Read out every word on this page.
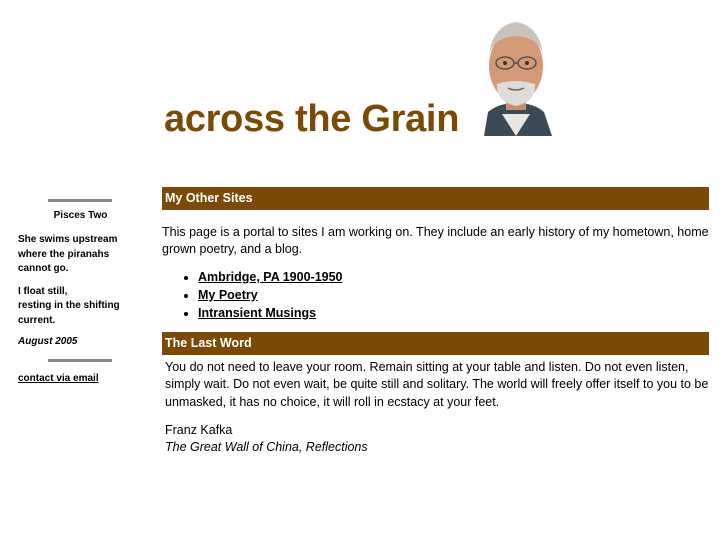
across the Grain
Pisces Two
She swims upstream
where the piranahs
cannot go.
I float still,
resting in the shifting
current.
August 2005
contact via email
My Other Sites

This page is a portal to sites I am working on. They include an early history of my hometown, home grown poetry, and a blog.

• Ambridge, PA 1900-1950
• My Poetry
• Intransient Musings
The Last Word

You do not need to leave your room. Remain sitting at your table and listen. Do not even listen, simply wait. Do not even wait, be quite still and solitary. The world will freely offer itself to you to be unmasked, it has no choice, it will roll in ecstacy at your feet.

Franz Kafka
The Great Wall of China, Reflections
